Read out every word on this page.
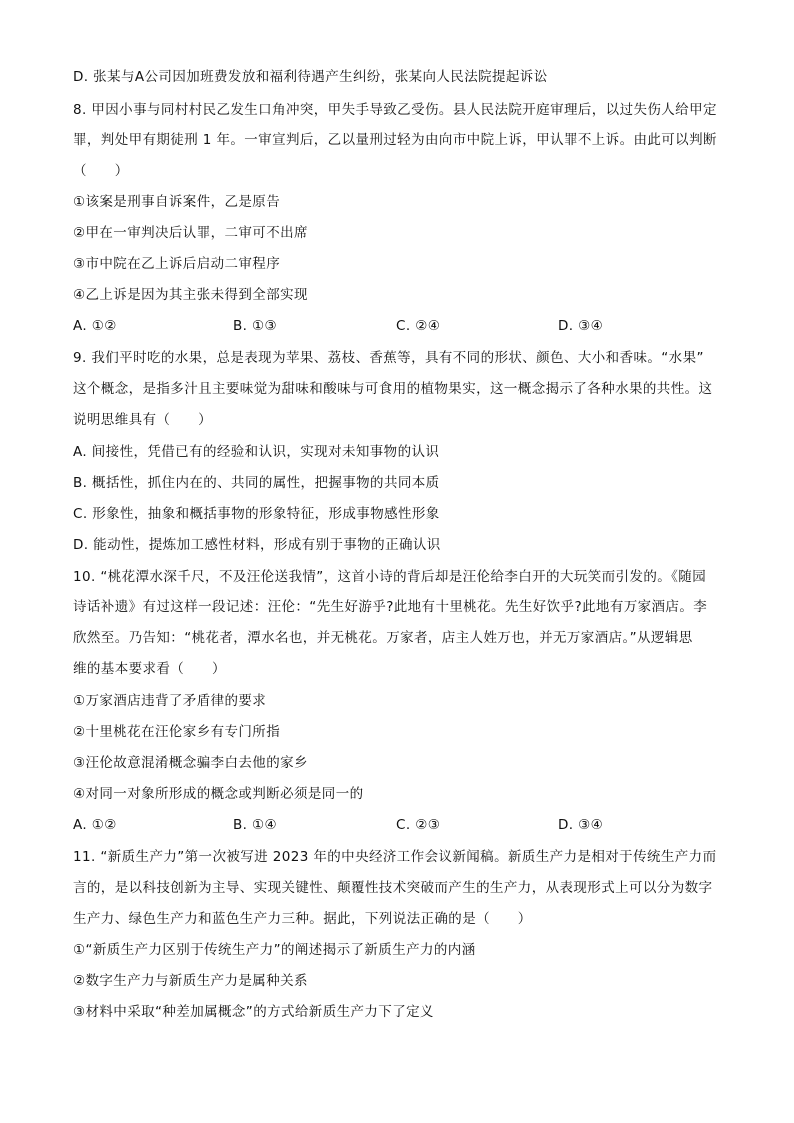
D. 张某与A公司因加班费发放和福利待遇产生纠纷，张某向人民法院提起诉讼
8. 甲因小事与同村村民乙发生口角冲突，甲失手导致乙受伤。县人民法院开庭审理后，以过失伤人给甲定
罪，判处甲有期徒刑 1 年。一审宣判后，乙以量刑过轻为由向市中院上诉，甲认罪不上诉。由此可以判断
（　　）
①该案是刑事自诉案件，乙是原告
②甲在一审判决后认罪，二审可不出席
③市中院在乙上诉后启动二审程序
④乙上诉是因为其主张未得到全部实现
A. ①②	B. ①③	C. ②④	D. ③④
9. 我们平时吃的水果，总是表现为苹果、荔枝、香蕉等，具有不同的形状、颜色、大小和香味。“水果”
这个概念，是指多汁且主要味觉为甜味和酸味与可食用的植物果实，这一概念揭示了各种水果的共性。这
说明思维具有（　　）
A. 间接性，凭借已有的经验和认识，实现对未知事物的认识
B. 概括性，抓住内在的、共同的属性，把握事物的共同本质
C. 形象性，抽象和概括事物的形象特征，形成事物感性形象
D. 能动性，提炼加工感性材料，形成有别于事物的正确认识
10. “桃花潭水深千尺，不及汪伦送我情”，这首小诗的背后却是汪伦给李白开的大玩笑而引发的。《随园
诗话补遗》有过这样一段记述：汪伦：“先生好游乎?此地有十里桃花。先生好饮乎?此地有万家酒店。李
欣然至。乃告知：“桃花者，潭水名也，并无桃花。万家者，店主人姓万也，并无万家酒店。”从逻辑思
维的基本要求看（　　）
①万家酒店违背了矛盾律的要求
②十里桃花在汪伦家乡有专门所指
③汪伦故意混淆概念骗李白去他的家乡
④对同一对象所形成的概念或判断必须是同一的
A. ①②	B. ①④	C. ②③	D. ③④
11. “新质生产力”第一次被写进 2023 年的中央经济工作会议新闻稿。新质生产力是相对于传统生产力而
言的，是以科技创新为主导、实现关键性、颠覆性技术突破而产生的生产力，从表现形式上可以分为数字
生产力、绿色生产力和蓝色生产力三种。据此，下列说法正确的是（　　）
①“新质生产力区别于传统生产力”的阐述揭示了新质生产力的内涵
②数字生产力与新质生产力是属种关系
③材料中采取“种差加属概念”的方式给新质生产力下了定义
